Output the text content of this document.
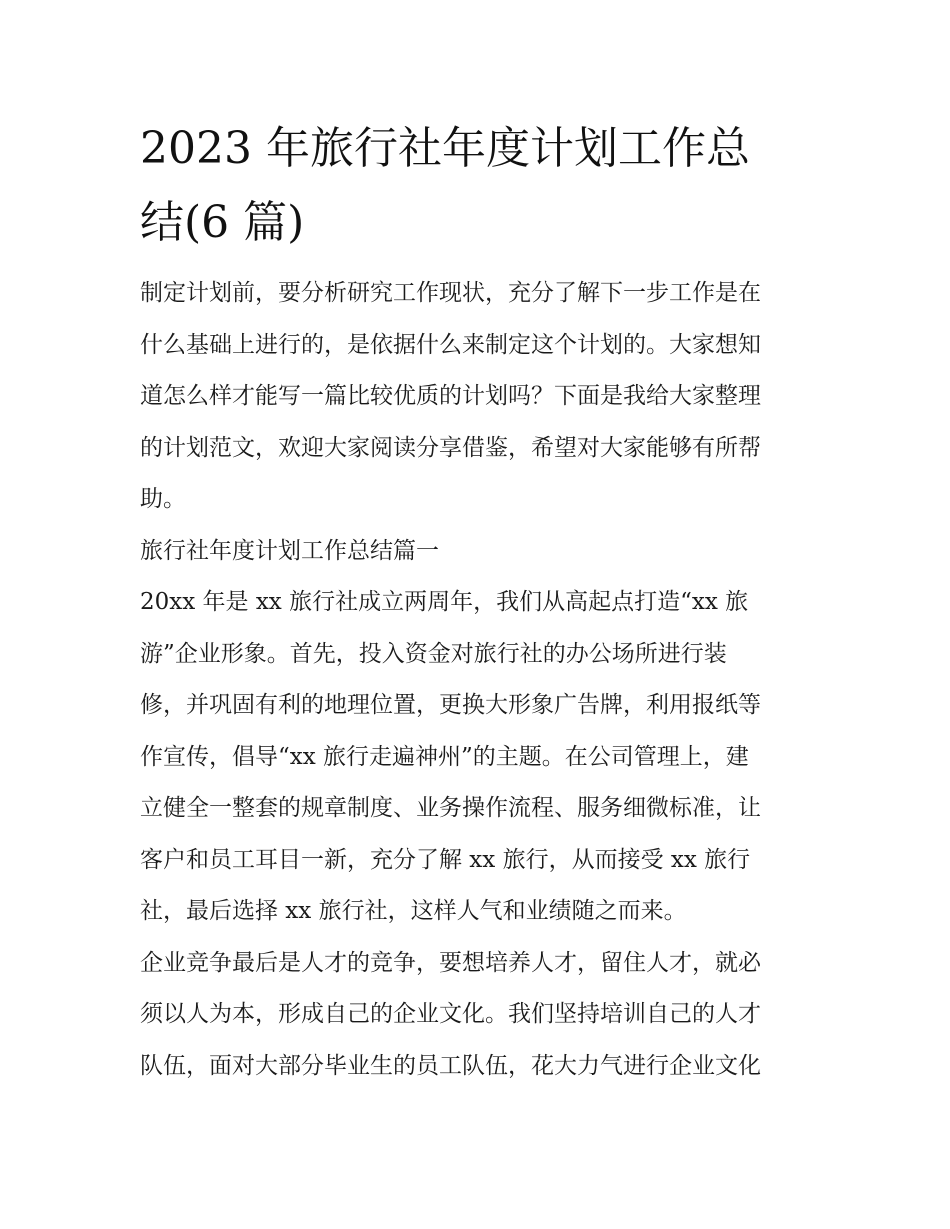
2023 年旅行社年度计划工作总
结(6 篇)

制定计划前，要分析研究工作现状，充分了解下一步工作是在
什么基础上进行的，是依据什么来制定这个计划的。大家想知
道怎么样才能写一篇比较优质的计划吗？下面是我给大家整理
的计划范文，欢迎大家阅读分享借鉴，希望对大家能够有所帮
助。

旅行社年度计划工作总结篇一

20xx 年是 xx 旅行社成立两周年，我们从高起点打造“xx 旅
游”企业形象。首先，投入资金对旅行社的办公场所进行装
修，并巩固有利的地理位置，更换大形象广告牌，利用报纸等
作宣传，倡导“xx 旅行走遍神州”的主题。在公司管理上，建
立健全一整套的规章制度、业务操作流程、服务细微标准，让
客户和员工耳目一新，充分了解 xx 旅行，从而接受 xx 旅行
社，最后选择 xx 旅行社，这样人气和业绩随之而来。

企业竞争最后是人才的竞争，要想培养人才，留住人才，就必
须以人为本，形成自己的企业文化。我们坚持培训自己的人才
队伍，面对大部分毕业生的员工队伍，花大力气进行企业文化
